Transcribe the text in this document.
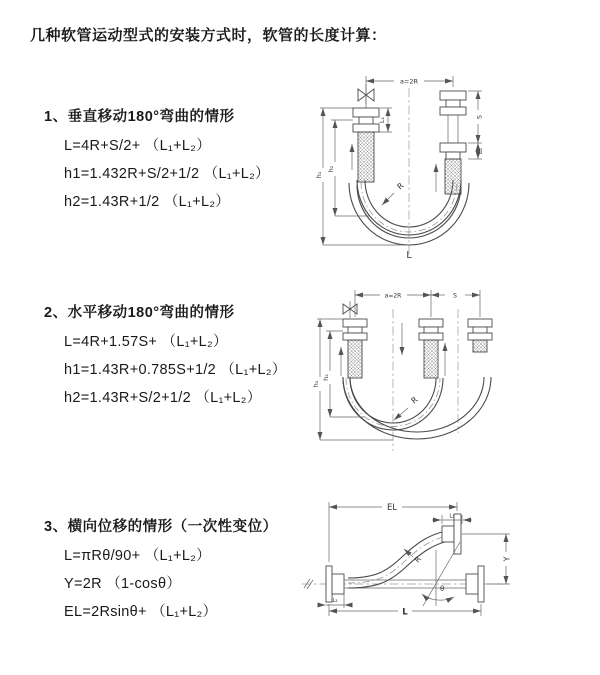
几种软管运动型式的安装方式时，软管的长度计算：
1、垂直移动180°弯曲的情形
L=4R+S/2+ （L₁+L₂）
h1=1.432R+S/2+1/2 （L₁+L₂）
h2=1.43R+1/2 （L₁+L₂）
2、水平移动180°弯曲的情形
L=4R+1.57S+ （L₁+L₂）
h1=1.43R+0.785S+1/2 （L₁+L₂）
h2=1.43R+S/2+1/2 （L₁+L₂）
3、横向位移的情形（一次性变位）
L=πRθ/90+ （L₁+L₂）
Y=2R （1-cosθ）
EL=2Rsinθ+ （L₁+L₂）
a=2R
L₁	S
L₂
h₁
h₂
R
L
a=2R	S
h₁
h₂
R
EL
L₁
Y
θ
R
L
L₂
